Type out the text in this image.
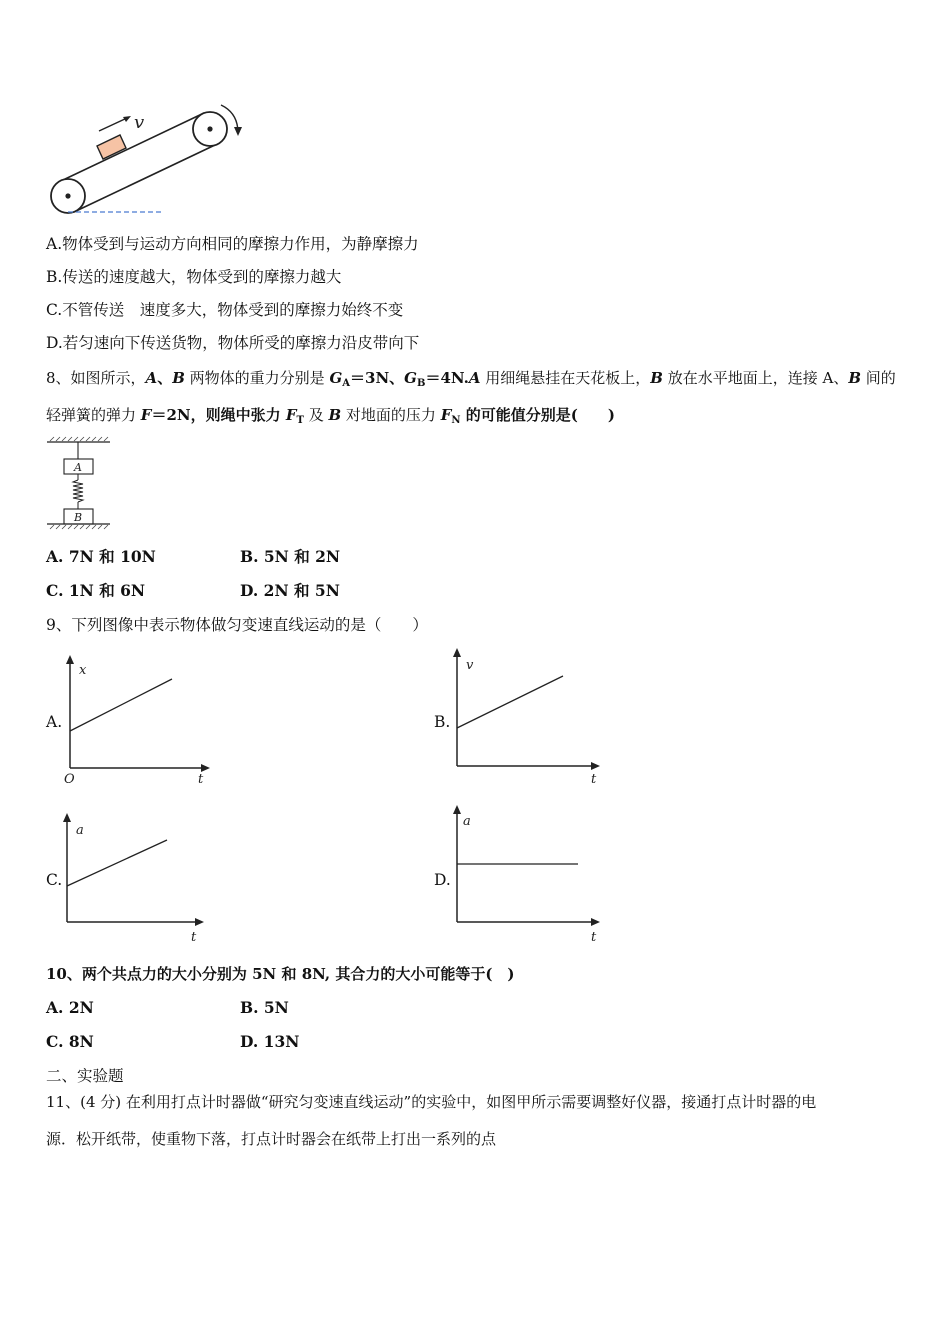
v
A.物体受到与运动方向相同的摩擦力作用，为静摩擦力
B.传送的速度越大，物体受到的摩擦力越大
C.不管传送　速度多大，物体受到的摩擦力始终不变
D.若匀速向下传送货物，物体所受的摩擦力沿皮带向下
8、如图所示，A、B 两物体的重力分别是 $G_A=3N$、$G_B=4N.A$ 用细绳悬挂在天花板上，B 放在水平地面上，连接 A、B 间的
轻弹簧的弹力 F＝2N，则绳中张力 $F_T$ 及 B 对地面的压力 $F_N$ 的可能值分别是(　　)
A
B
A. 7N 和 10N	B. 5N 和 2N
C. 1N 和 6N	D. 2N 和 5N
9、下列图像中表示物体做匀变速直线运动的是（　　）
A.
x
t
O
B.
v
t
C.
a
t
D.
a
t
10、两个共点力的大小分别为 5N 和 8N, 其合力的大小可能等于(　)
A. 2N	B. 5N
C. 8N	D. 13N
二、实验题
11、(4 分) 在利用打点计时器做“研究匀变速直线运动”的实验中，如图甲所示需要调整好仪器，接通打点计时器的电
源．松开纸带，使重物下落，打点计时器会在纸带上打出一系列的点
